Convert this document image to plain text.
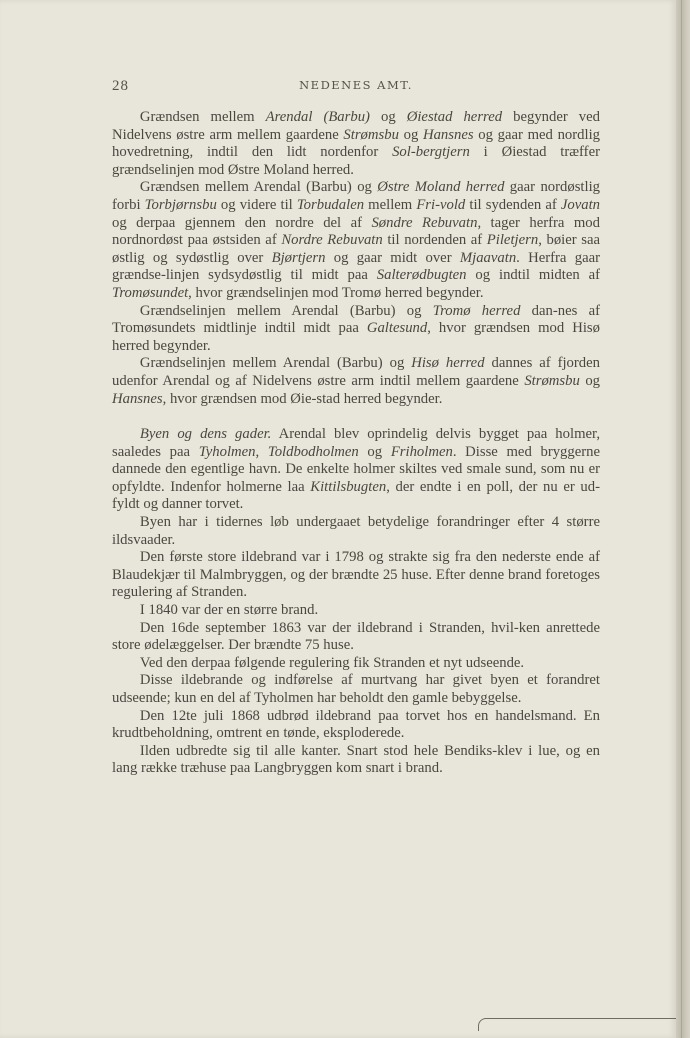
28	NEDENES AMT.

Grændsen mellem Arendal (Barbu) og Øiestad herred begynder ved Nidelvens østre arm mellem gaardene Strømsbu og Hansnes og gaar med nordlig hovedretning, indtil den lidt nordenfor Sol-bergtjern i Øiestad træffer grændselinjen mod Østre Moland herred.

Grændsen mellem Arendal (Barbu) og Østre Moland herred gaar nordøstlig forbi Torbjørnsbu og videre til Torbudalen mellem Fri-vold til sydenden af Jovatn og derpaa gjennem den nordre del af Søndre Rebuvatn, tager herfra mod nordnordøst paa østsiden af Nordre Rebuvatn til nordenden af Piletjern, bøier saa østlig og sydøstlig over Bjørtjern og gaar midt over Mjaavatn. Herfra gaar grændse-linjen sydsydøstlig til midt paa Salterødbugten og indtil midten af Tromøsundet, hvor grændselinjen mod Tromø herred begynder.

Grændselinjen mellem Arendal (Barbu) og Tromø herred dan-nes af Tromøsundets midtlinje indtil midt paa Galtesund, hvor grændsen mod Hisø herred begynder.

Grændselinjen mellem Arendal (Barbu) og Hisø herred dannes af fjorden udenfor Arendal og af Nidelvens østre arm indtil mellem gaardene Strømsbu og Hansnes, hvor grændsen mod Øie-stad herred begynder.

Byen og dens gader. Arendal blev oprindelig delvis bygget paa holmer, saaledes paa Tyholmen, Toldbodholmen og Friholmen. Disse med bryggerne dannede den egentlige havn. De enkelte holmer skiltes ved smale sund, som nu er opfyldte. Indenfor holmerne laa Kittilsbugten, der endte i en poll, der nu er ud-fyldt og danner torvet.

Byen har i tidernes løb undergaaet betydelige forandringer efter 4 større ildsvaader.

Den første store ildebrand var i 1798 og strakte sig fra den nederste ende af Blaudekjær til Malmbryggen, og der brændte 25 huse. Efter denne brand foretoges regulering af Stranden.

I 1840 var der en større brand.

Den 16de september 1863 var der ildebrand i Stranden, hvil-ken anrettede store ødelæggelser. Der brændte 75 huse.

Ved den derpaa følgende regulering fik Stranden et nyt udseende.

Disse ildebrande og indførelse af murtvang har givet byen et forandret udseende; kun en del af Tyholmen har beholdt den gamle bebyggelse.

Den 12te juli 1868 udbrød ildebrand paa torvet hos en handelsmand. En krudtbeholdning, omtrent en tønde, eksploderede.

Ilden udbredte sig til alle kanter. Snart stod hele Bendiks-klev i lue, og en lang række træhuse paa Langbryggen kom snart i brand.
